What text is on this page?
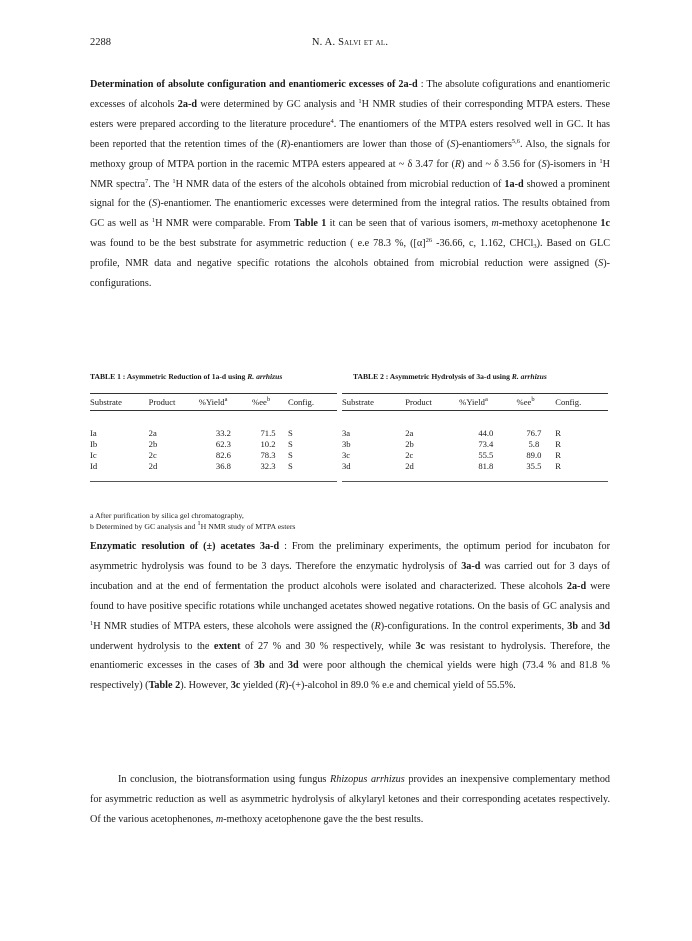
2288	N. A. Salvi et al.
Determination of absolute configuration and enantiomeric excesses of 2a-d : The absolute cofigurations and enantiomeric excesses of alcohols 2a-d were determined by GC analysis and $^1$H NMR studies of their corresponding MTPA esters. These esters were prepared according to the literature procedure$^4$. The enantiomers of the MTPA esters resolved well in GC. It has been reported that the retention times of the (R)-enantiomers are lower than those of (S)-enantiomers$^{5,6}$. Also, the signals for methoxy group of MTPA portion in the racemic MTPA esters appeared at ~ δ 3.47 for (R) and ~ δ 3.56 for (S)-isomers in $^1$H NMR spectra$^7$. The $^1$H NMR data of the esters of the alcohols obtained from microbial reduction of 1a-d showed a prominent signal for the (S)-enantiomer. The enantiomeric excesses were determined from the integral ratios. The results obtained from GC as well as $^1$H NMR were comparable. From Table 1 it can be seen that of various isomers, m-methoxy acetophenone 1c was found to be the best substrate for asymmetric reduction ( e.e 78.3 %, ($[\alpha]^{26}$ -36.66, c, 1.162, CHCl$_3$). Based on GLC profile, NMR data and negative specific rotations the alcohols obtained from microbial reduction were assigned (S)-configurations.
TABLE 1 : Asymmetric Reduction of 1a-d using R. arrhizus	TABLE 2 : Asymmetric Hydrolysis of 3a-d using R. arrhizus
Substrate	Product	%Yield$^a$	$\%ee^b$	Config.
Ia	2a	33.2	71.5	S
Ib	2b	62.3	10.2	S
Ic	2c	82.6	78.3	S
Id	2d	36.8	32.3	S
Substrate	Product	%Yield$^a$	$\%ee^b$	Config.
3a	2a	44.0	76.7	R
3b	2b	73.4	5.8	R
3c	2c	55.5	89.0	R
3d	2d	81.8	35.5	R
a After purification by silica gel chromatography,
b Determined by GC analysis and $^1$H NMR study of MTPA esters
Enzymatic resolution of (±) acetates 3a-d : From the preliminary experiments, the optimum period for incubaton for asymmetric hydrolysis was found to be 3 days. Therefore the enzymatic hydrolysis of 3a-d was carried out for 3 days of incubation and at the end of fermentation the product alcohols were isolated and characterized. These alcohols 2a-d were found to have positive specific rotations while unchanged acetates showed negative rotations. On the basis of GC analysis and $^1$H NMR studies of MTPA esters, these alcohols were assigned the (R)-configurations. In the control experiments, 3b and 3d underwent hydrolysis to the extent of 27 % and 30 % respectively, while 3c was resistant to hydrolysis. Therefore, the enantiomeric excesses in the cases of 3b and 3d were poor although the chemical yields were high (73.4 % and 81.8 % respectively) (Table 2). However, 3c yielded (R)-(+)-alcohol in 89.0 % e.e and chemical yield of 55.5%.
In conclusion, the biotransformation using fungus Rhizopus arrhizus provides an inexpensive complementary method for asymmetric reduction as well as asymmetric hydrolysis of alkylaryl ketones and their corresponding acetates respectively. Of the various acetophenones, m-methoxy acetophenone gave the the best results.
